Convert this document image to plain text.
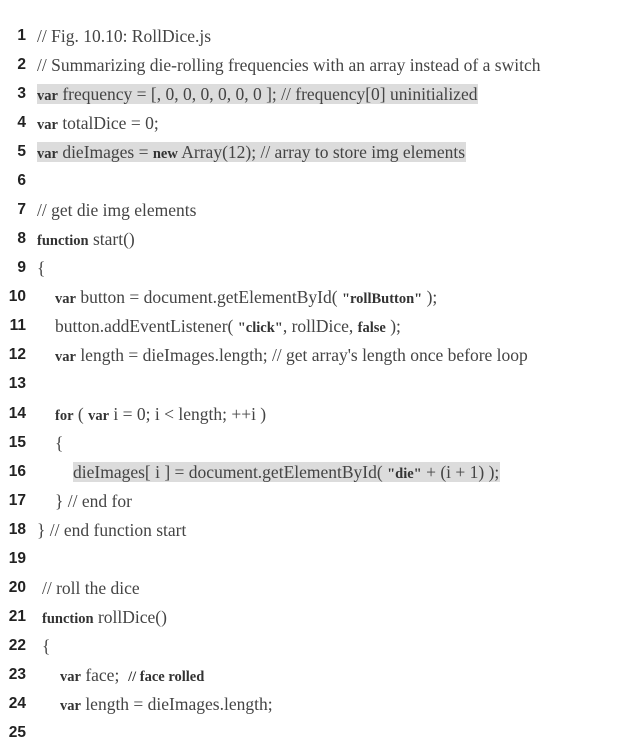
1 // Fig. 10.10: RollDice.js
2 // Summarizing die-rolling frequencies with an array instead of a switch
3 var frequency = [, 0, 0, 0, 0, 0, 0 ]; // frequency[0] uninitialized
4 var totalDice = 0;
5 var dieImages = new Array(12); // array to store img elements
6
7 // get die img elements
8 function start()
9 {
10 var button = document.getElementById( "rollButton" );
11 button.addEventListener( "click", rollDice, false );
12 var length = dieImages.length; // get array's length once before loop
13
14 for ( var i = 0; i < length; ++i )
15 {
16	dieImages[ i ] = document.getElementById( "die" + (i + 1) );
17 } // end for
18 } // end function start
19
20 // roll the dice
21 function rollDice()
22 {
23 var face;  // face rolled
24 var length = dieImages.length;
25
